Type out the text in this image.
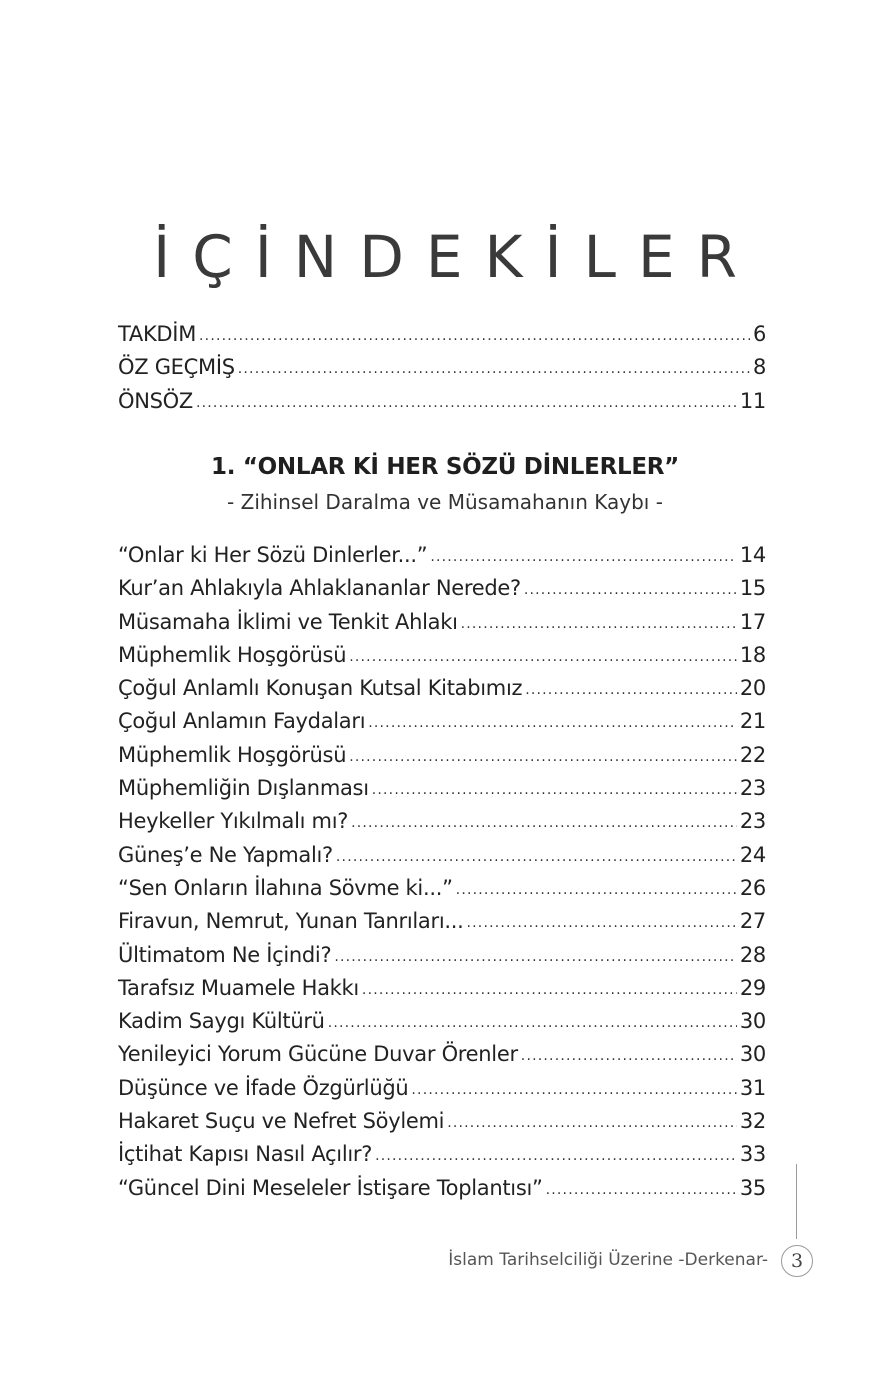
İÇİNDEKİLER
TAKDİM .....	6
ÖZ GEÇMİŞ .....	8
ÖNSÖZ .....	11
1. “ONLAR Kİ HER SÖZÜ DİNLERLER”
- Zihinsel Daralma ve Müsamahanın Kaybı -
“Onlar ki Her Sözü Dinlerler...” .....	14
Kur’an Ahlakıyla Ahlaklananlar Nerede? .....	15
Müsamaha İklimi ve Tenkit Ahlakı .....	17
Müphemlik Hoşgörüsü .....	18
Çoğul Anlamlı Konuşan Kutsal Kitabımız .....	20
Çoğul Anlamın Faydaları .....	21
Müphemlik Hoşgörüsü .....	22
Müphemliğin Dışlanması .....	23
Heykeller Yıkılmalı mı? .....	23
Güneş’e Ne Yapmalı? .....	24
“Sen Onların İlahına Sövme ki...” .....	26
Firavun, Nemrut, Yunan Tanrıları... .....	27
Ültimatom Ne İçindi? .....	28
Tarafsız Muamele Hakkı .....	29
Kadim Saygı Kültürü .....	30
Yenileyici Yorum Gücüne Duvar Örenler .....	30
Düşünce ve İfade Özgürlüğü .....	31
Hakaret Suçu ve Nefret Söylemi .....	32
İçtihat Kapısı Nasıl Açılır? .....	33
“Güncel Dini Meseleler İstişare Toplantısı” .....	35
İslam Tarihselciliği Üzerine -Derkenar-	3
